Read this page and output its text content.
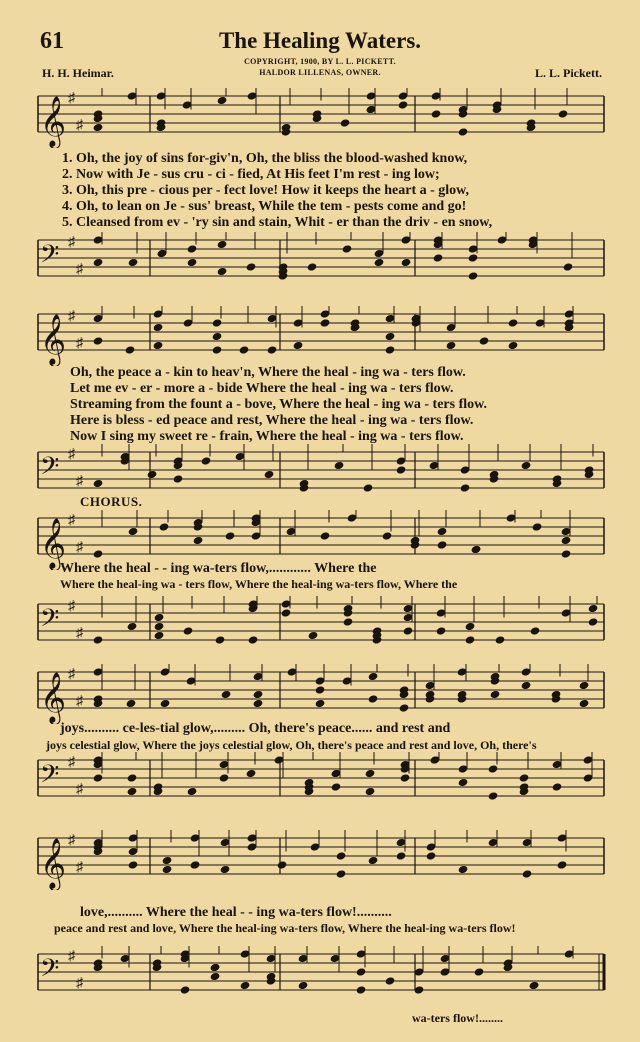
61	The Healing Waters.
COPYRIGHT, 1900, BY L. L. PICKETT.
HALDOR LILLENAS, OWNER.
H. H. Heimar.	L. L. Pickett.
𝄞 ♯
♯
𝄢 ♯
♯
𝄞 ♯
♯
𝄢 ♯
♯
𝄞 ♯
♯
𝄢 ♯
♯
𝄞 ♯
♯
𝄢 ♯
♯
𝄞 ♯
♯
𝄢 ♯
♯
1. Oh, the joy of sins for-giv'n, Oh, the bliss the blood-washed know,
2. Now with Je - sus cru - ci - fied, At His feet I'm rest - ing low;
3. Oh, this pre - cious per - fect love! How it keeps the heart a - glow,
4. Oh, to lean on Je - sus' breast, While the tem - pests come and go!
5. Cleansed from ev - 'ry sin and stain, Whit - er than the driv - en snow,
Oh, the peace a - kin to heav'n, Where the heal - ing wa - ters flow.
Let me ev - er - more a - bide Where the heal - ing wa - ters flow.
Streaming from the fount a - bove, Where the heal - ing wa - ters flow.
Here is bless - ed peace and rest, Where the heal - ing wa - ters flow.
Now I sing my sweet re - frain, Where the heal - ing wa - ters flow.
CHORUS.
Where the heal - - ing wa-ters flow,............ Where the
Where the heal-ing wa - ters flow, Where the heal-ing wa-ters flow, Where the
joys.......... ce-les-tial glow,......... Oh, there's peace...... and rest and
joys celestial glow, Where the joys celestial glow, Oh, there's peace and rest and love, Oh, there's
love,.......... Where the heal - - ing wa-ters flow!..........
peace and rest and love, Where the heal-ing wa-ters flow, Where the heal-ing wa-ters flow!
wa-ters flow!........
